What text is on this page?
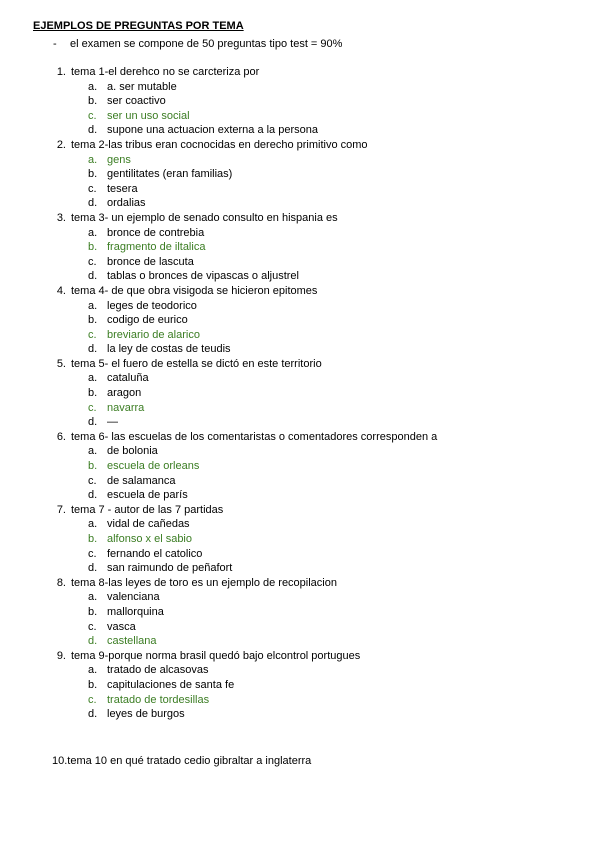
EJEMPLOS DE PREGUNTAS POR TEMA
- el examen se compone de 50 preguntas tipo test = 90%
1. tema 1-el derehco no se carcteriza por
a. a. ser mutable
b. ser coactivo
c. ser un uso social
d. supone una actuacion externa a la persona
2. tema 2-las tribus eran cocnocidas en derecho primitivo como
a. gens
b. gentilitates (eran familias)
c. tesera
d. ordalias
3. tema 3- un ejemplo de senado consulto en hispania es
a. bronce de contrebia
b. fragmento de iltalica
c. bronce de lascuta
d. tablas o bronces de vipascas o aljustrel
4. tema 4- de que obra visigoda se hicieron epitomes
a. leges de teodorico
b. codigo de eurico
c. breviario de alarico
d. la ley de costas de teudis
5. tema 5- el fuero de estella se dictó en este territorio
a. cataluña
b. aragon
c. navarra
d. —
6. tema 6- las escuelas de los comentaristas o comentadores corresponden a
a. de bolonia
b. escuela de orleans
c. de salamanca
d. escuela de parís
7. tema 7 - autor de las 7 partidas
a. vidal de cañedas
b. alfonso x el sabio
c. fernando el catolico
d. san raimundo de peñafort
8. tema 8-las leyes de toro es un ejemplo de recopilacion
a. valenciana
b. mallorquina
c. vasca
d. castellana
9. tema 9-porque norma brasil quedó bajo elcontrol portugues
a. tratado de alcasovas
b. capitulaciones de santa fe
c. tratado de tordesillas
d. leyes de burgos
10.tema 10 en qué tratado cedio gibraltar a inglaterra
